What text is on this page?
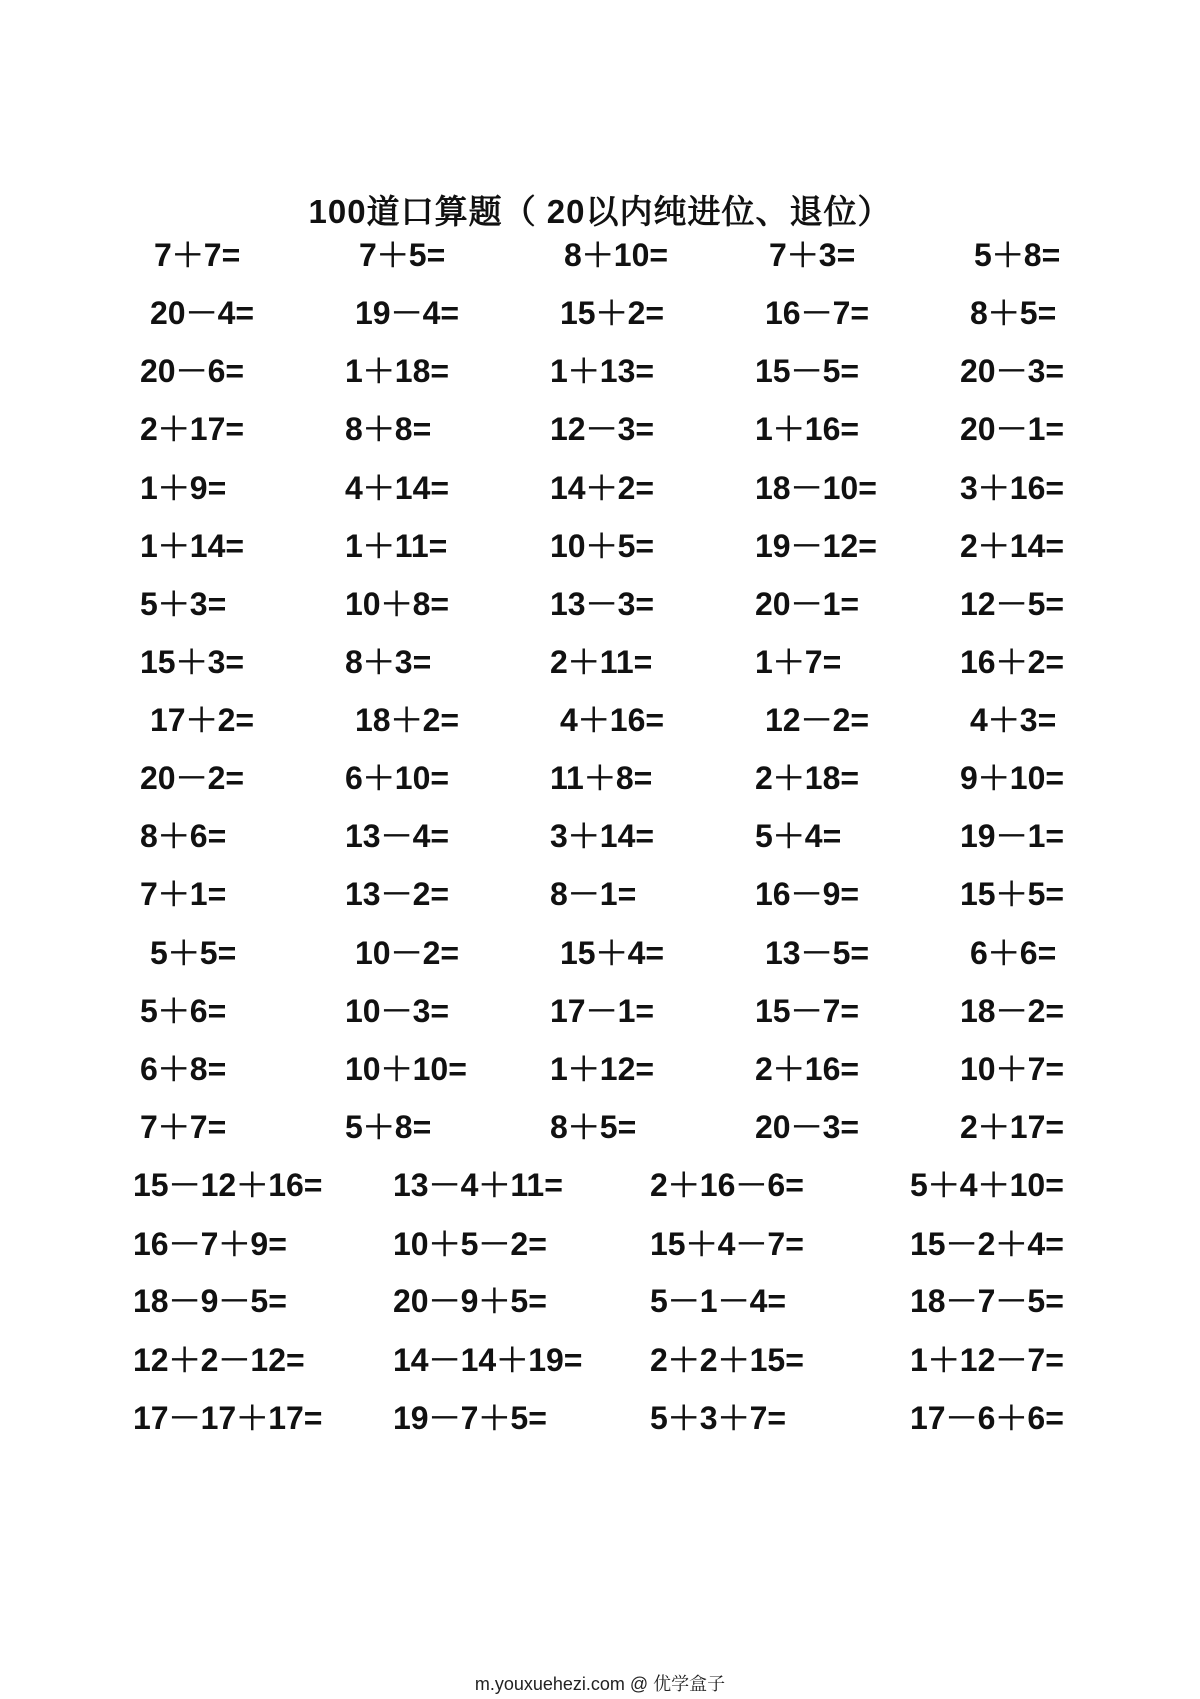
100道口算题（ 20以内纯进位、退位）
7＋7=	7＋5=	8＋10=	7＋3=	5＋8=
20－4=	19－4=	15＋2=	16－7=	8＋5=
20－6=	1＋18=	1＋13=	15－5=	20－3=
2＋17=	8＋8=	12－3=	1＋16=	20－1=
1＋9=	4＋14=	14＋2=	18－10=	3＋16=
1＋14=	1＋11=	10＋5=	19－12=	2＋14=
5＋3=	10＋8=	13－3=	20－1=	12－5=
15＋3=	8＋3=	2＋11=	1＋7=	16＋2=
17＋2=	18＋2=	4＋16=	12－2=	4＋3=
20－2=	6＋10=	11＋8=	2＋18=	9＋10=
8＋6=	13－4=	3＋14=	5＋4=	19－1=
7＋1=	13－2=	8－1=	16－9=	15＋5=
5＋5=	10－2=	15＋4=	13－5=	6＋6=
5＋6=	10－3=	17－1=	15－7=	18－2=
6＋8=	10＋10=	1＋12=	2＋16=	10＋7=
7＋7=	5＋8=	8＋5=	20－3=	2＋17=
15－12＋16= 13－4＋11=	2＋16－6=	5＋4＋10=
16－7＋9=	10＋5－2=	15＋4－7=	15－2＋4=
18－9－5=	20－9＋5=	5－1－4=	18－7－5=
12＋2－12=	14－14＋19= 2＋2＋15=	1＋12－7=
17－17＋17= 19－7＋5=	5＋3＋7=	17－6＋6=
m.youxuehezi.com @ 优学盒子
